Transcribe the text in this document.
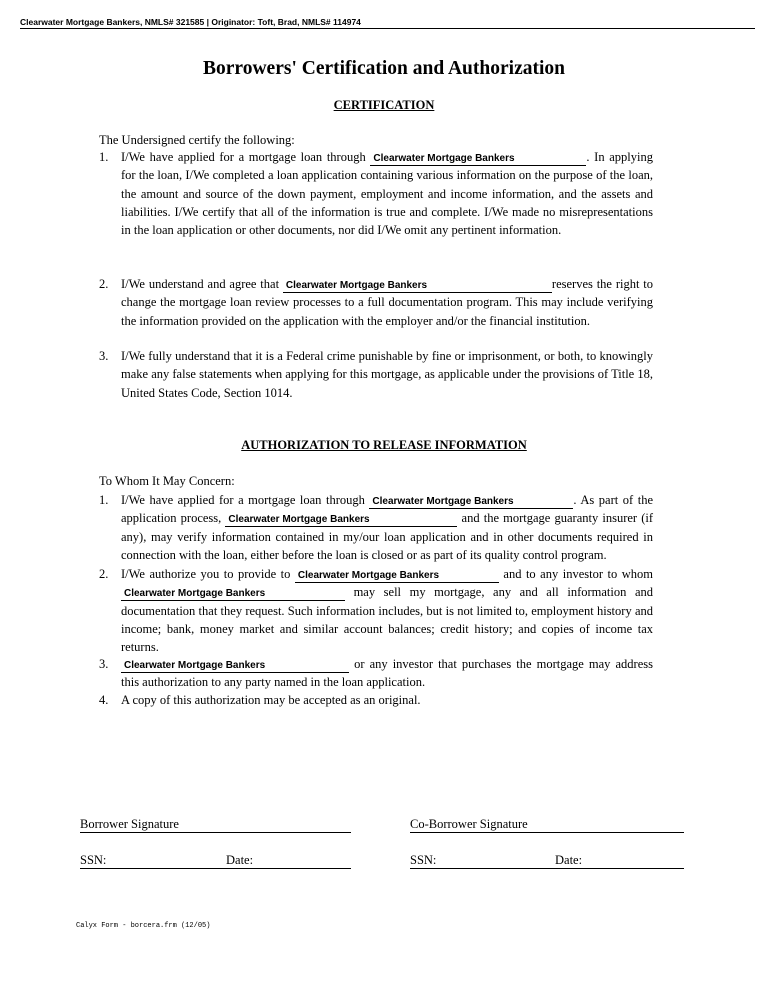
Clearwater Mortgage Bankers, NMLS# 321585 | Originator: Toft, Brad, NMLS# 114974
Borrowers' Certification and Authorization
CERTIFICATION
The Undersigned certify the following:
1. I/We have applied for a mortgage loan through Clearwater Mortgage Bankers	. In applying for the loan, I/We completed a loan application containing various information on the purpose of the loan, the amount and source of the down payment, employment and income information, and the assets and liabilities. I/We certify that all of the information is true and complete. I/We made no misrepresentations in the loan application or other documents, nor did I/We omit any pertinent information.
2. I/We understand and agree that Clearwater Mortgage Bankers	reserves the right to change the mortgage loan review processes to a full documentation program. This may include verifying the information provided on the application with the employer and/or the financial institution.
3. I/We fully understand that it is a Federal crime punishable by fine or imprisonment, or both, to knowingly make any false statements when applying for this mortgage, as applicable under the provisions of Title 18, United States Code, Section 1014.
AUTHORIZATION TO RELEASE INFORMATION
To Whom It May Concern:
1. I/We have applied for a mortgage loan through Clearwater Mortgage Bankers	. As part of the application process, Clearwater Mortgage Bankers	and the mortgage guaranty insurer (if any), may verify information contained in my/our loan application and in other documents required in connection with the loan, either before the loan is closed or as part of its quality control program.
2. I/We authorize you to provide to Clearwater Mortgage Bankers	and to any investor to whom Clearwater Mortgage Bankers	may sell my mortgage, any and all information and documentation that they request. Such information includes, but is not limited to, employment history and income; bank, money market and similar account balances; credit history; and copies of income tax returns.
3.	Clearwater Mortgage Bankers	or any investor that purchases the mortgage may address this authorization to any party named in the loan application.
4. A copy of this authorization may be accepted as an original.
Borrower Signature	Co-Borrower Signature
SSN:	Date:	SSN:	Date:
Calyx Form - borcera.frm (12/05)
